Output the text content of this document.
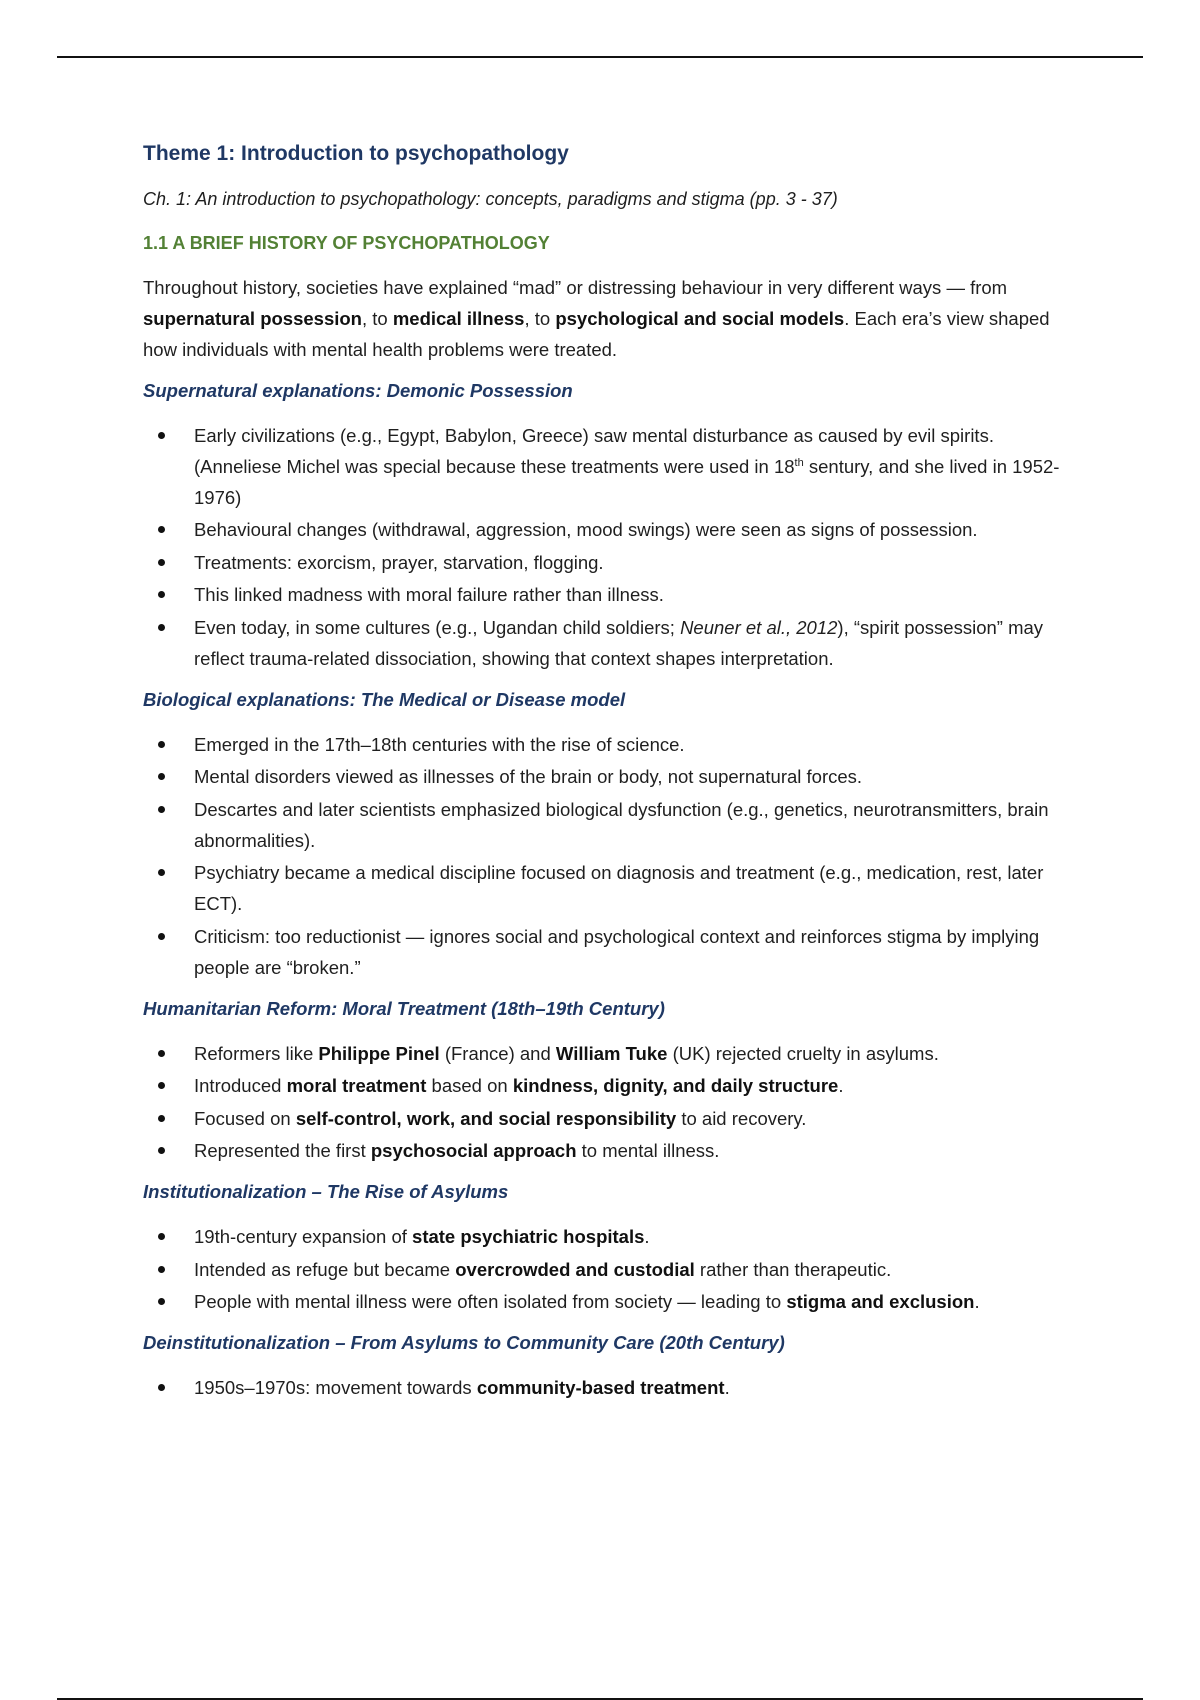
Theme 1: Introduction to psychopathology

Ch. 1: An introduction to psychopathology: concepts, paradigms and stigma (pp. 3 - 37)

1.1 A BRIEF HISTORY OF PSYCHOPATHOLOGY

Throughout history, societies have explained “mad” or distressing behaviour in very different ways — from supernatural possession, to medical illness, to psychological and social models. Each era’s view shaped how individuals with mental health problems were treated.

Supernatural explanations: Demonic Possession
Early civilizations (e.g., Egypt, Babylon, Greece) saw mental disturbance as caused by evil spirits. (Anneliese Michel was special because these treatments were used in 18th sentury, and she lived in 1952-1976)
Behavioural changes (withdrawal, aggression, mood swings) were seen as signs of possession.
Treatments: exorcism, prayer, starvation, flogging.
This linked madness with moral failure rather than illness.
Even today, in some cultures (e.g., Ugandan child soldiers; Neuner et al., 2012), “spirit possession” may reflect trauma-related dissociation, showing that context shapes interpretation.
Biological explanations: The Medical or Disease model
Emerged in the 17th–18th centuries with the rise of science.
Mental disorders viewed as illnesses of the brain or body, not supernatural forces.
Descartes and later scientists emphasized biological dysfunction (e.g., genetics, neurotransmitters, brain abnormalities).
Psychiatry became a medical discipline focused on diagnosis and treatment (e.g., medication, rest, later ECT).
Criticism: too reductionist — ignores social and psychological context and reinforces stigma by implying people are “broken.”
Humanitarian Reform: Moral Treatment (18th–19th Century)
Reformers like Philippe Pinel (France) and William Tuke (UK) rejected cruelty in asylums.
Introduced moral treatment based on kindness, dignity, and daily structure.
Focused on self-control, work, and social responsibility to aid recovery.
Represented the first psychosocial approach to mental illness.
Institutionalization – The Rise of Asylums
19th-century expansion of state psychiatric hospitals.
Intended as refuge but became overcrowded and custodial rather than therapeutic.
People with mental illness were often isolated from society — leading to stigma and exclusion.
Deinstitutionalization – From Asylums to Community Care (20th Century)
1950s–1970s: movement towards community-based treatment.
